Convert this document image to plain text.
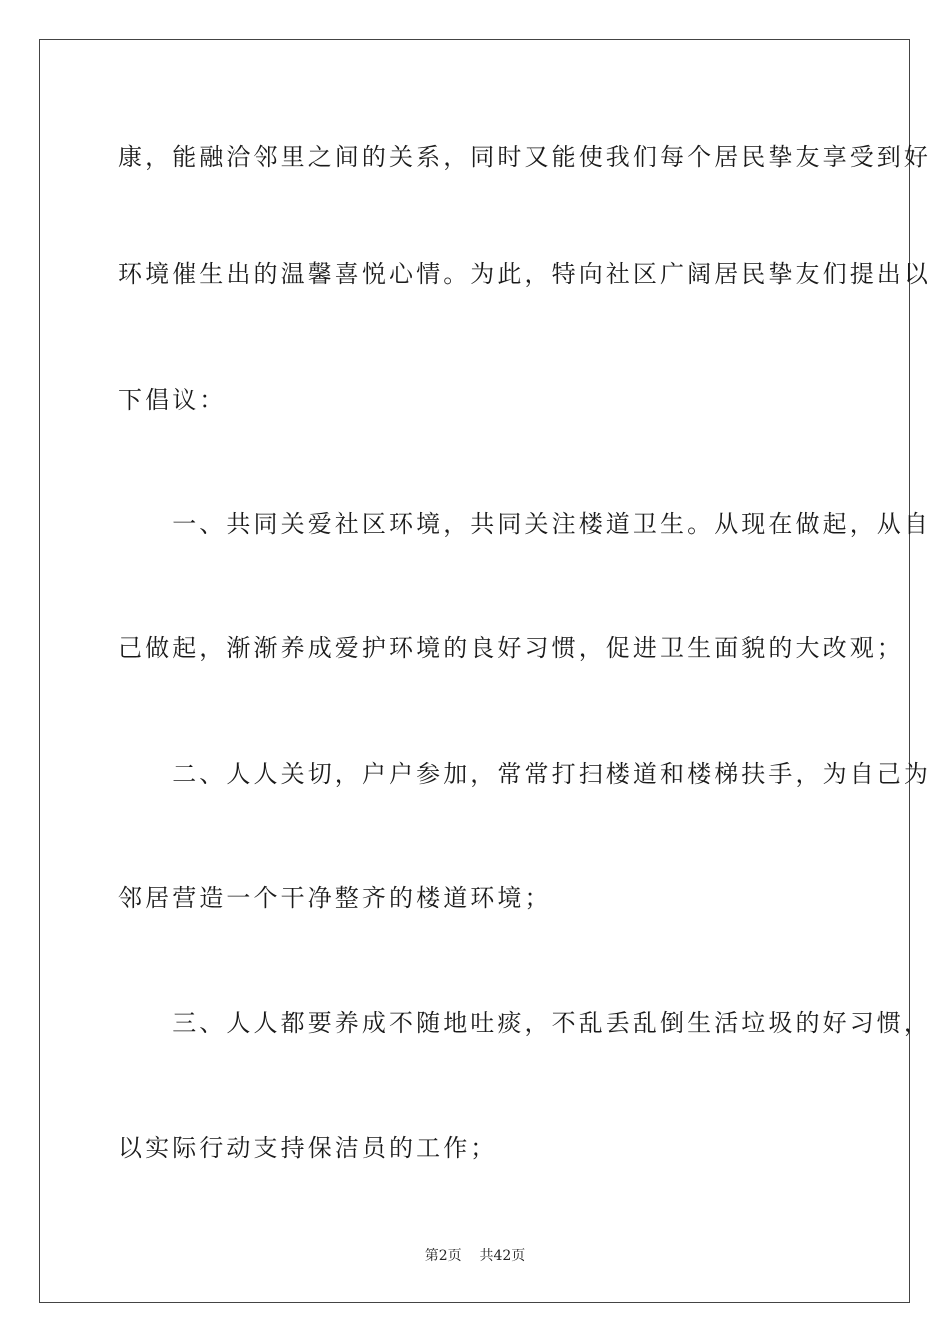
康，能融洽邻里之间的关系，同时又能使我们每个居民挚友享受到好
环境催生出的温馨喜悦心情。为此，特向社区广阔居民挚友们提出以
下倡议：
　　一、共同关爱社区环境，共同关注楼道卫生。从现在做起，从自
己做起，渐渐养成爱护环境的良好习惯，促进卫生面貌的大改观；
　　二、人人关切，户户参加，常常打扫楼道和楼梯扶手，为自己为
邻居营造一个干净整齐的楼道环境；
　　三、人人都要养成不随地吐痰，不乱丢乱倒生活垃圾的好习惯，
以实际行动支持保洁员的工作；
第2页 共42页
